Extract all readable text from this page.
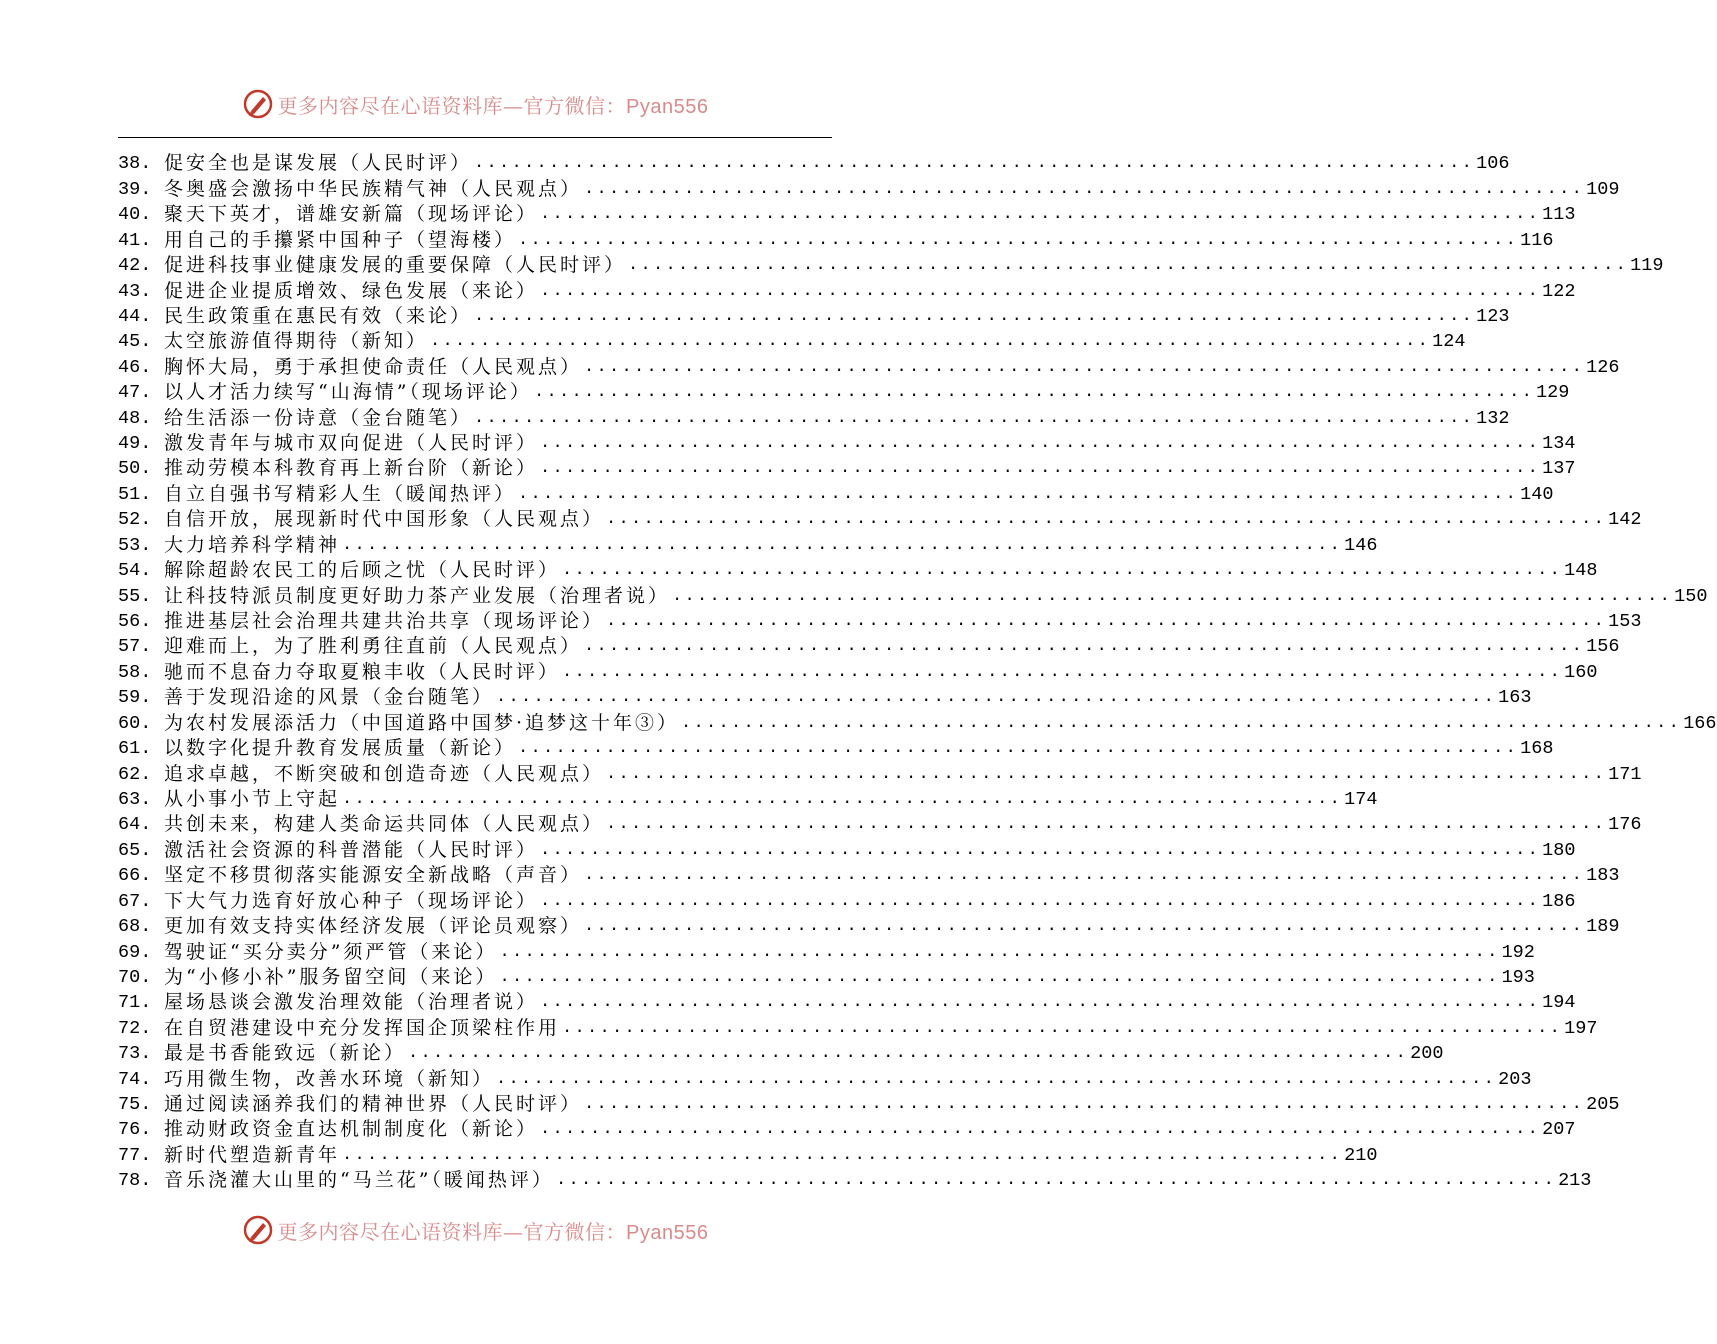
更多内容尽在心语资料库—官方微信：Pyan556
38. 促安全也是谋发展（人民时评） ................................................................................ 106
39. 冬奥盛会激扬中华民族精气神（人民观点） ................................................................................ 109
40. 聚天下英才，谱雄安新篇（现场评论） ................................................................................ 113
41. 用自己的手攥紧中国种子（望海楼） ................................................................................ 116
42. 促进科技事业健康发展的重要保障（人民时评） ................................................................................ 119
43. 促进企业提质增效、绿色发展（来论） ................................................................................ 122
44. 民生政策重在惠民有效（来论） ................................................................................ 123
45. 太空旅游值得期待（新知） ................................................................................ 124
46. 胸怀大局，勇于承担使命责任（人民观点） ................................................................................ 126
47. 以人才活力续写“山海情”（现场评论） ................................................................................ 129
48. 给生活添一份诗意（金台随笔） ................................................................................ 132
49. 激发青年与城市双向促进（人民时评） ................................................................................ 134
50. 推动劳模本科教育再上新台阶（新论） ................................................................................ 137
51. 自立自强书写精彩人生（暖闻热评） ................................................................................ 140
52. 自信开放，展现新时代中国形象（人民观点） ................................................................................ 142
53. 大力培养科学精神 ................................................................................ 146
54. 解除超龄农民工的后顾之忧（人民时评） ................................................................................ 148
55. 让科技特派员制度更好助力茶产业发展（治理者说） ................................................................................ 150
56. 推进基层社会治理共建共治共享（现场评论） ................................................................................ 153
57. 迎难而上，为了胜利勇往直前（人民观点） ................................................................................ 156
58. 驰而不息奋力夺取夏粮丰收（人民时评） ................................................................................ 160
59. 善于发现沿途的风景（金台随笔） ................................................................................ 163
60. 为农村发展添活力（中国道路中国梦·追梦这十年③） ................................................................................ 166
61. 以数字化提升教育发展质量（新论） ................................................................................ 168
62. 追求卓越，不断突破和创造奇迹（人民观点） ................................................................................ 171
63. 从小事小节上守起 ................................................................................ 174
64. 共创未来，构建人类命运共同体（人民观点） ................................................................................ 176
65. 激活社会资源的科普潜能（人民时评） ................................................................................ 180
66. 坚定不移贯彻落实能源安全新战略（声音） ................................................................................ 183
67. 下大气力选育好放心种子（现场评论） ................................................................................ 186
68. 更加有效支持实体经济发展（评论员观察） ................................................................................ 189
69. 驾驶证“买分卖分”须严管（来论） ................................................................................ 192
70. 为“小修小补”服务留空间（来论） ................................................................................ 193
71. 屋场恳谈会激发治理效能（治理者说） ................................................................................ 194
72. 在自贸港建设中充分发挥国企顶梁柱作用 ................................................................................ 197
73. 最是书香能致远（新论） ................................................................................ 200
74. 巧用微生物，改善水环境（新知） ................................................................................ 203
75. 通过阅读涵养我们的精神世界（人民时评） ................................................................................ 205
76. 推动财政资金直达机制制度化（新论） ................................................................................ 207
77. 新时代塑造新青年 ................................................................................ 210
78. 音乐浇灌大山里的“马兰花”（暖闻热评） ................................................................................ 213
更多内容尽在心语资料库—官方微信：Pyan556
